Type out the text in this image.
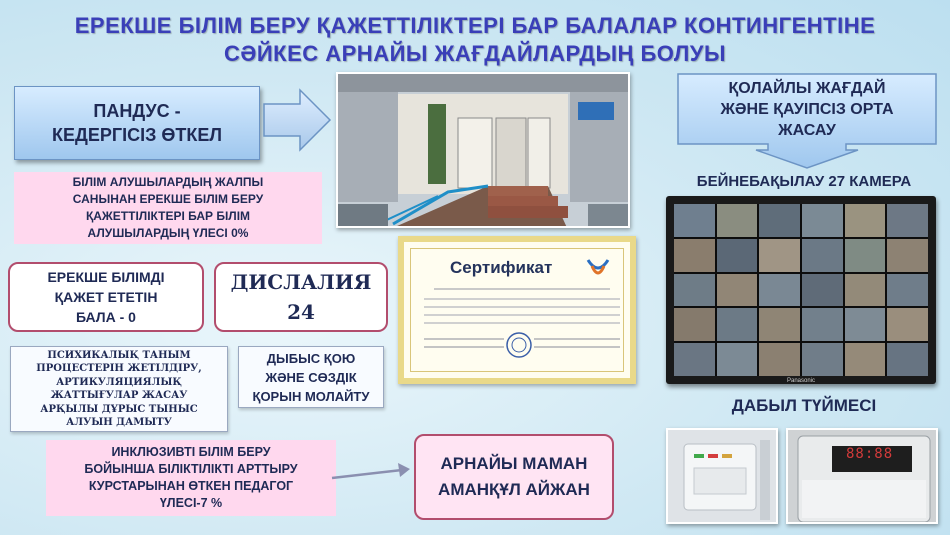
ЕРЕКШЕ БІЛІМ БЕРУ ҚАЖЕТТІЛІКТЕРІ БАР БАЛАЛАР КОНТИНГЕНТІНЕ
СӘЙКЕС АРНАЙЫ ЖАҒДАЙЛАРДЫҢ БОЛУЫ
ПАНДУС -
КЕДЕРГІСІЗ ӨТКЕЛ
БІЛІМ АЛУШЫЛАРДЫҢ ЖАЛПЫ
САНЫНАН ЕРЕКШЕ БІЛІМ БЕРУ
ҚАЖЕТТІЛІКТЕРІ БАР БІЛІМ
АЛУШЫЛАРДЫҢ ҮЛЕСІ 0%
ЕРЕКШЕ БІЛІМДІ
ҚАЖЕТ ЕТЕТІН
БАЛА - 0
ДИСЛАЛИЯ
24
ПСИХИКАЛЫҚ ТАНЫМ
ПРОЦЕСТЕРІН ЖЕТІЛДІРУ,
АРТИКУЛЯЦИЯЛЫҚ
ЖАТТЫҒУЛАР ЖАСАУ
АРҚЫЛЫ ДҰРЫС ТЫНЫС
АЛУЫН ДАМЫТУ
ДЫБЫС ҚОЮ
ЖӘНЕ СӨЗДІК
ҚОРЫН МОЛАЙТУ
Сертификат
ҚОЛАЙЛЫ ЖАҒДАЙ
ЖӘНЕ ҚАУІПСІЗ ОРТА
ЖАСАУ
БЕЙНЕБАҚЫЛАУ 27 КАМЕРА
Panasonic
ДАБЫЛ ТҮЙМЕСІ
88:88
ИНКЛЮЗИВТІ БІЛІМ БЕРУ
БОЙЫНША БІЛІКТІЛІКТІ АРТТЫРУ
КУРСТАРЫНАН ӨТКЕН ПЕДАГОГ
ҮЛЕСІ-7 %
АРНАЙЫ МАМАН
АМАНҚҰЛ АЙЖАН
